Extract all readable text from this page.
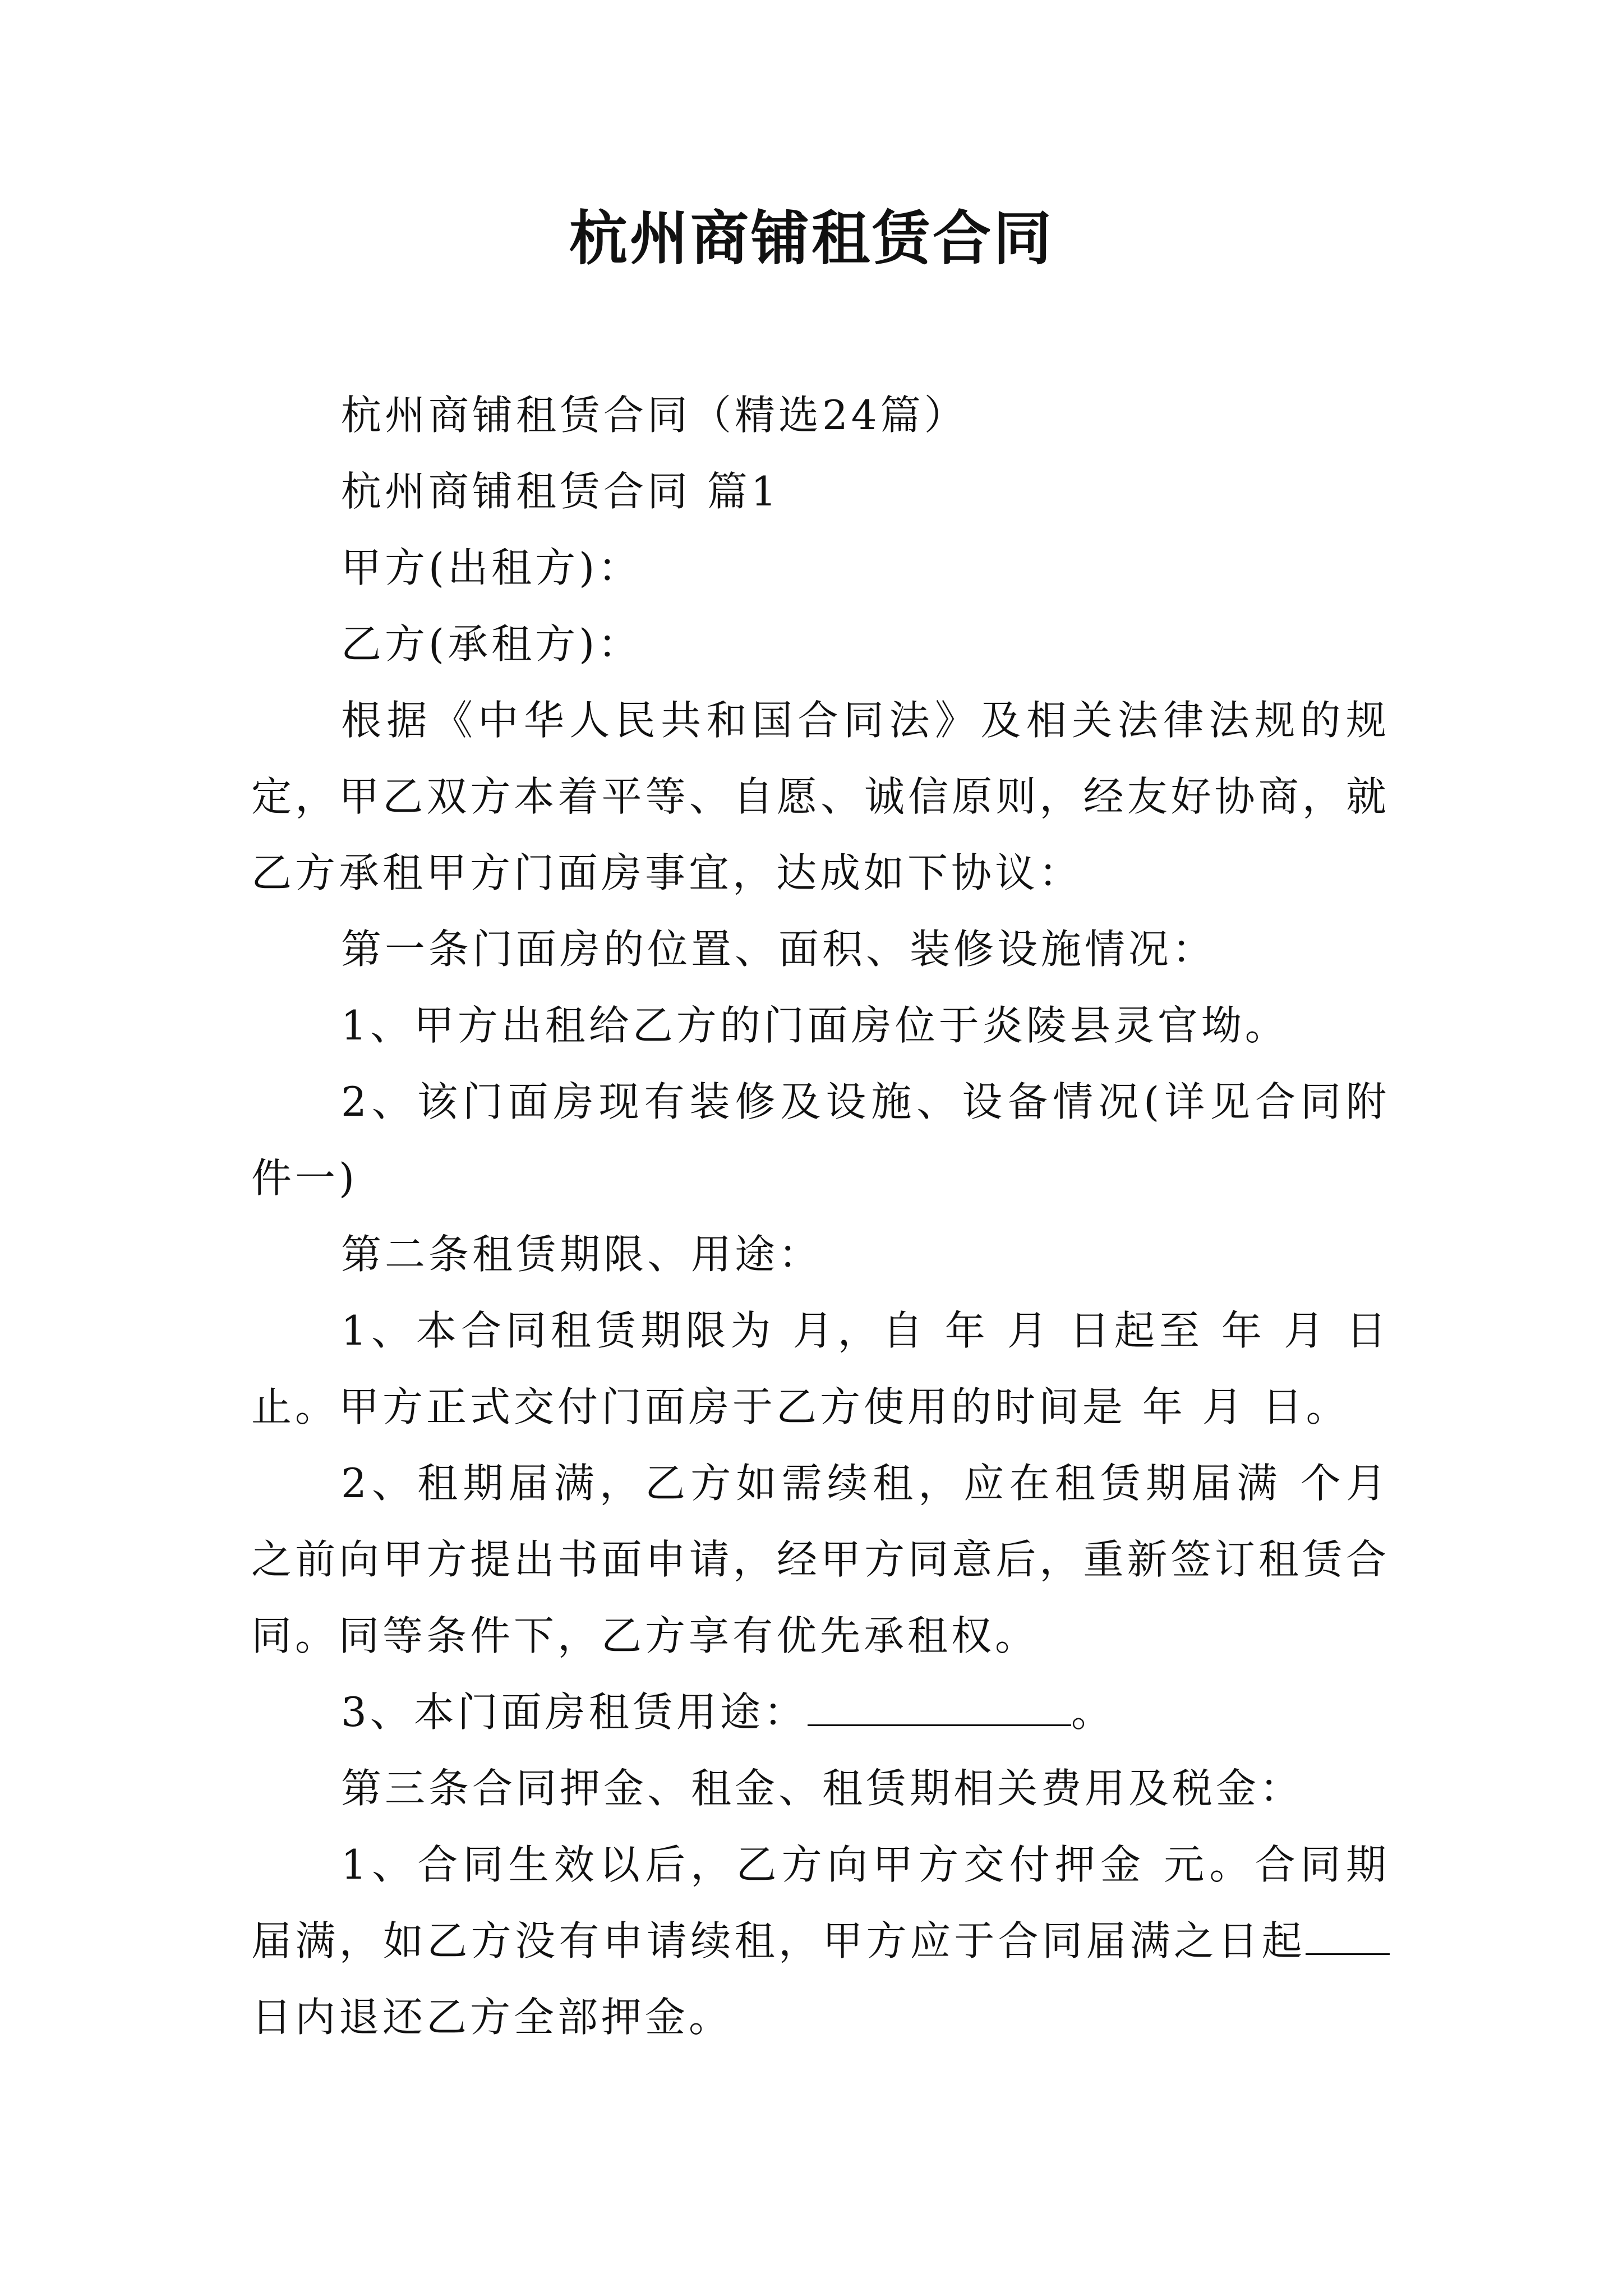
杭州商铺租赁合同

杭州商铺租赁合同（精选24篇）

杭州商铺租赁合同 篇1

甲方(出租方)：

乙方(承租方)：

根据《中华人民共和国合同法》及相关法律法规的规定，甲乙双方本着平等、自愿、诚信原则，经友好协商，就乙方承租甲方门面房事宜，达成如下协议：

第一条门面房的位置、面积、装修设施情况：

1、甲方出租给乙方的门面房位于炎陵县灵官坳。

2、该门面房现有装修及设施、设备情况(详见合同附件一)

第二条租赁期限、用途：

1、本合同租赁期限为 月，自 年 月 日起至 年 月 日止。甲方正式交付门面房于乙方使用的时间是 年 月 日。

2、租期届满，乙方如需续租，应在租赁期届满 个月之前向甲方提出书面申请，经甲方同意后，重新签订租赁合同。同等条件下，乙方享有优先承租权。

3、本门面房租赁用途：	。

第三条合同押金、租金、租赁期相关费用及税金：

1、合同生效以后，乙方向甲方交付押金 元。合同期届满，如乙方没有申请续租，甲方应于合同届满之日起日内退还乙方全部押金。
